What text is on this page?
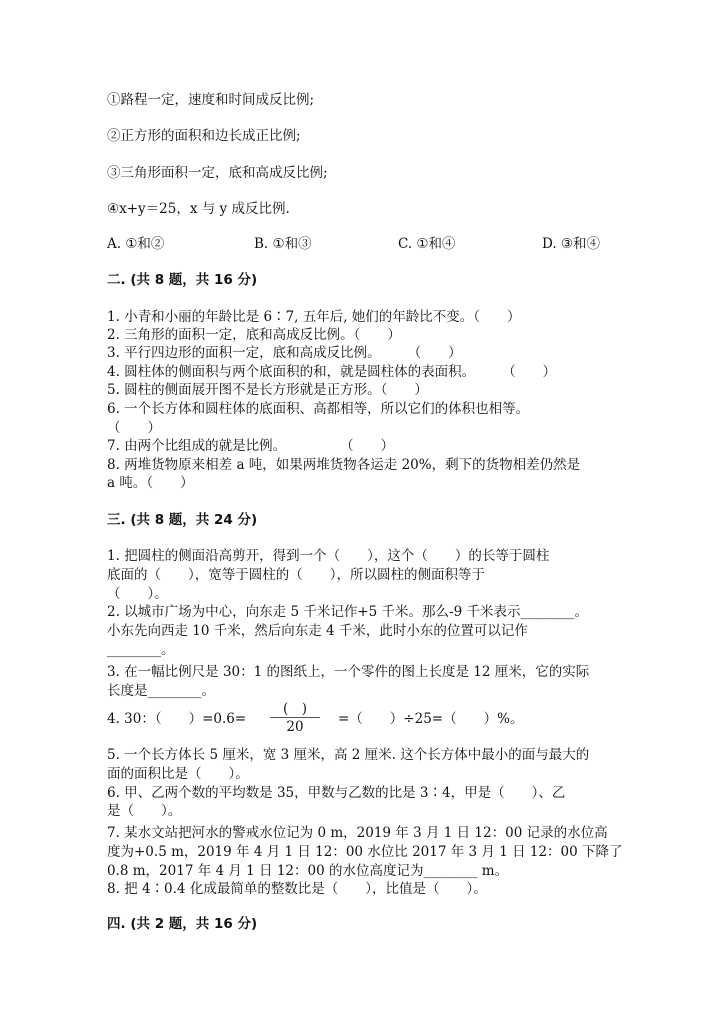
①路程一定，速度和时间成反比例;
②正方形的面积和边长成正比例;
③三角形面积一定，底和高成反比例;
④x+y＝25，x 与 y 成反比例.
A. ①和②	B. ①和③	C. ①和④	D. ③和④
二. (共 8 题，共 16 分)
1. 小青和小丽的年龄比是 6∶7, 五年后, 她们的年龄比不变。（　　）
2. 三角形的面积一定，底和高成反比例。（　　）
3. 平行四边形的面积一定，底和高成反比例。　　　（　　）
4. 圆柱体的侧面积与两个底面积的和，就是圆柱体的表面积。　　　（　　）
5. 圆柱的侧面展开图不是长方形就是正方形。（　　）
6. 一个长方体和圆柱体的底面积、高都相等，所以它们的体积也相等。
（　　）
7. 由两个比组成的就是比例。　　　　　（　　）
8. 两堆货物原来相差 a 吨，如果两堆货物各运走 20%，剩下的货物相差仍然是
a 吨。（　　）
三. (共 8 题，共 24 分)
1. 把圆柱的侧面沿高剪开，得到一个（　　），这个（　　）的长等于圆柱
底面的（　　），宽等于圆柱的（　　），所以圆柱的侧面积等于
（　　）。
2. 以城市广场为中心，向东走 5 千米记作+5 千米。那么-9 千米表示________。
小东先向西走 10 千米，然后向东走 4 千米，此时小东的位置可以记作
________。
3. 在一幅比例尺是 30：1 的图纸上，一个零件的图上长度是 12 厘米，它的实际
长度是________。
4. 30：（　　）=0.6=
(　)
20	=（　　）÷25=（　　）%。
5. 一个长方体长 5 厘米，宽 3 厘米，高 2 厘米. 这个长方体中最小的面与最大的
面的面积比是（　　）。
6. 甲、乙两个数的平均数是 35，甲数与乙数的比是 3∶4，甲是（　　）、乙
是（　　）。
7. 某水文站把河水的警戒水位记为 0 m，2019 年 3 月 1 日 12：00 记录的水位高
度为+0.5 m，2019 年 4 月 1 日 12：00 水位比 2017 年 3 月 1 日 12：00 下降了
0.8 m，2017 年 4 月 1 日 12：00 的水位高度记为________ m。
8. 把 4∶0.4 化成最简单的整数比是（　　），比值是（　　）。
四. (共 2 题，共 16 分)
